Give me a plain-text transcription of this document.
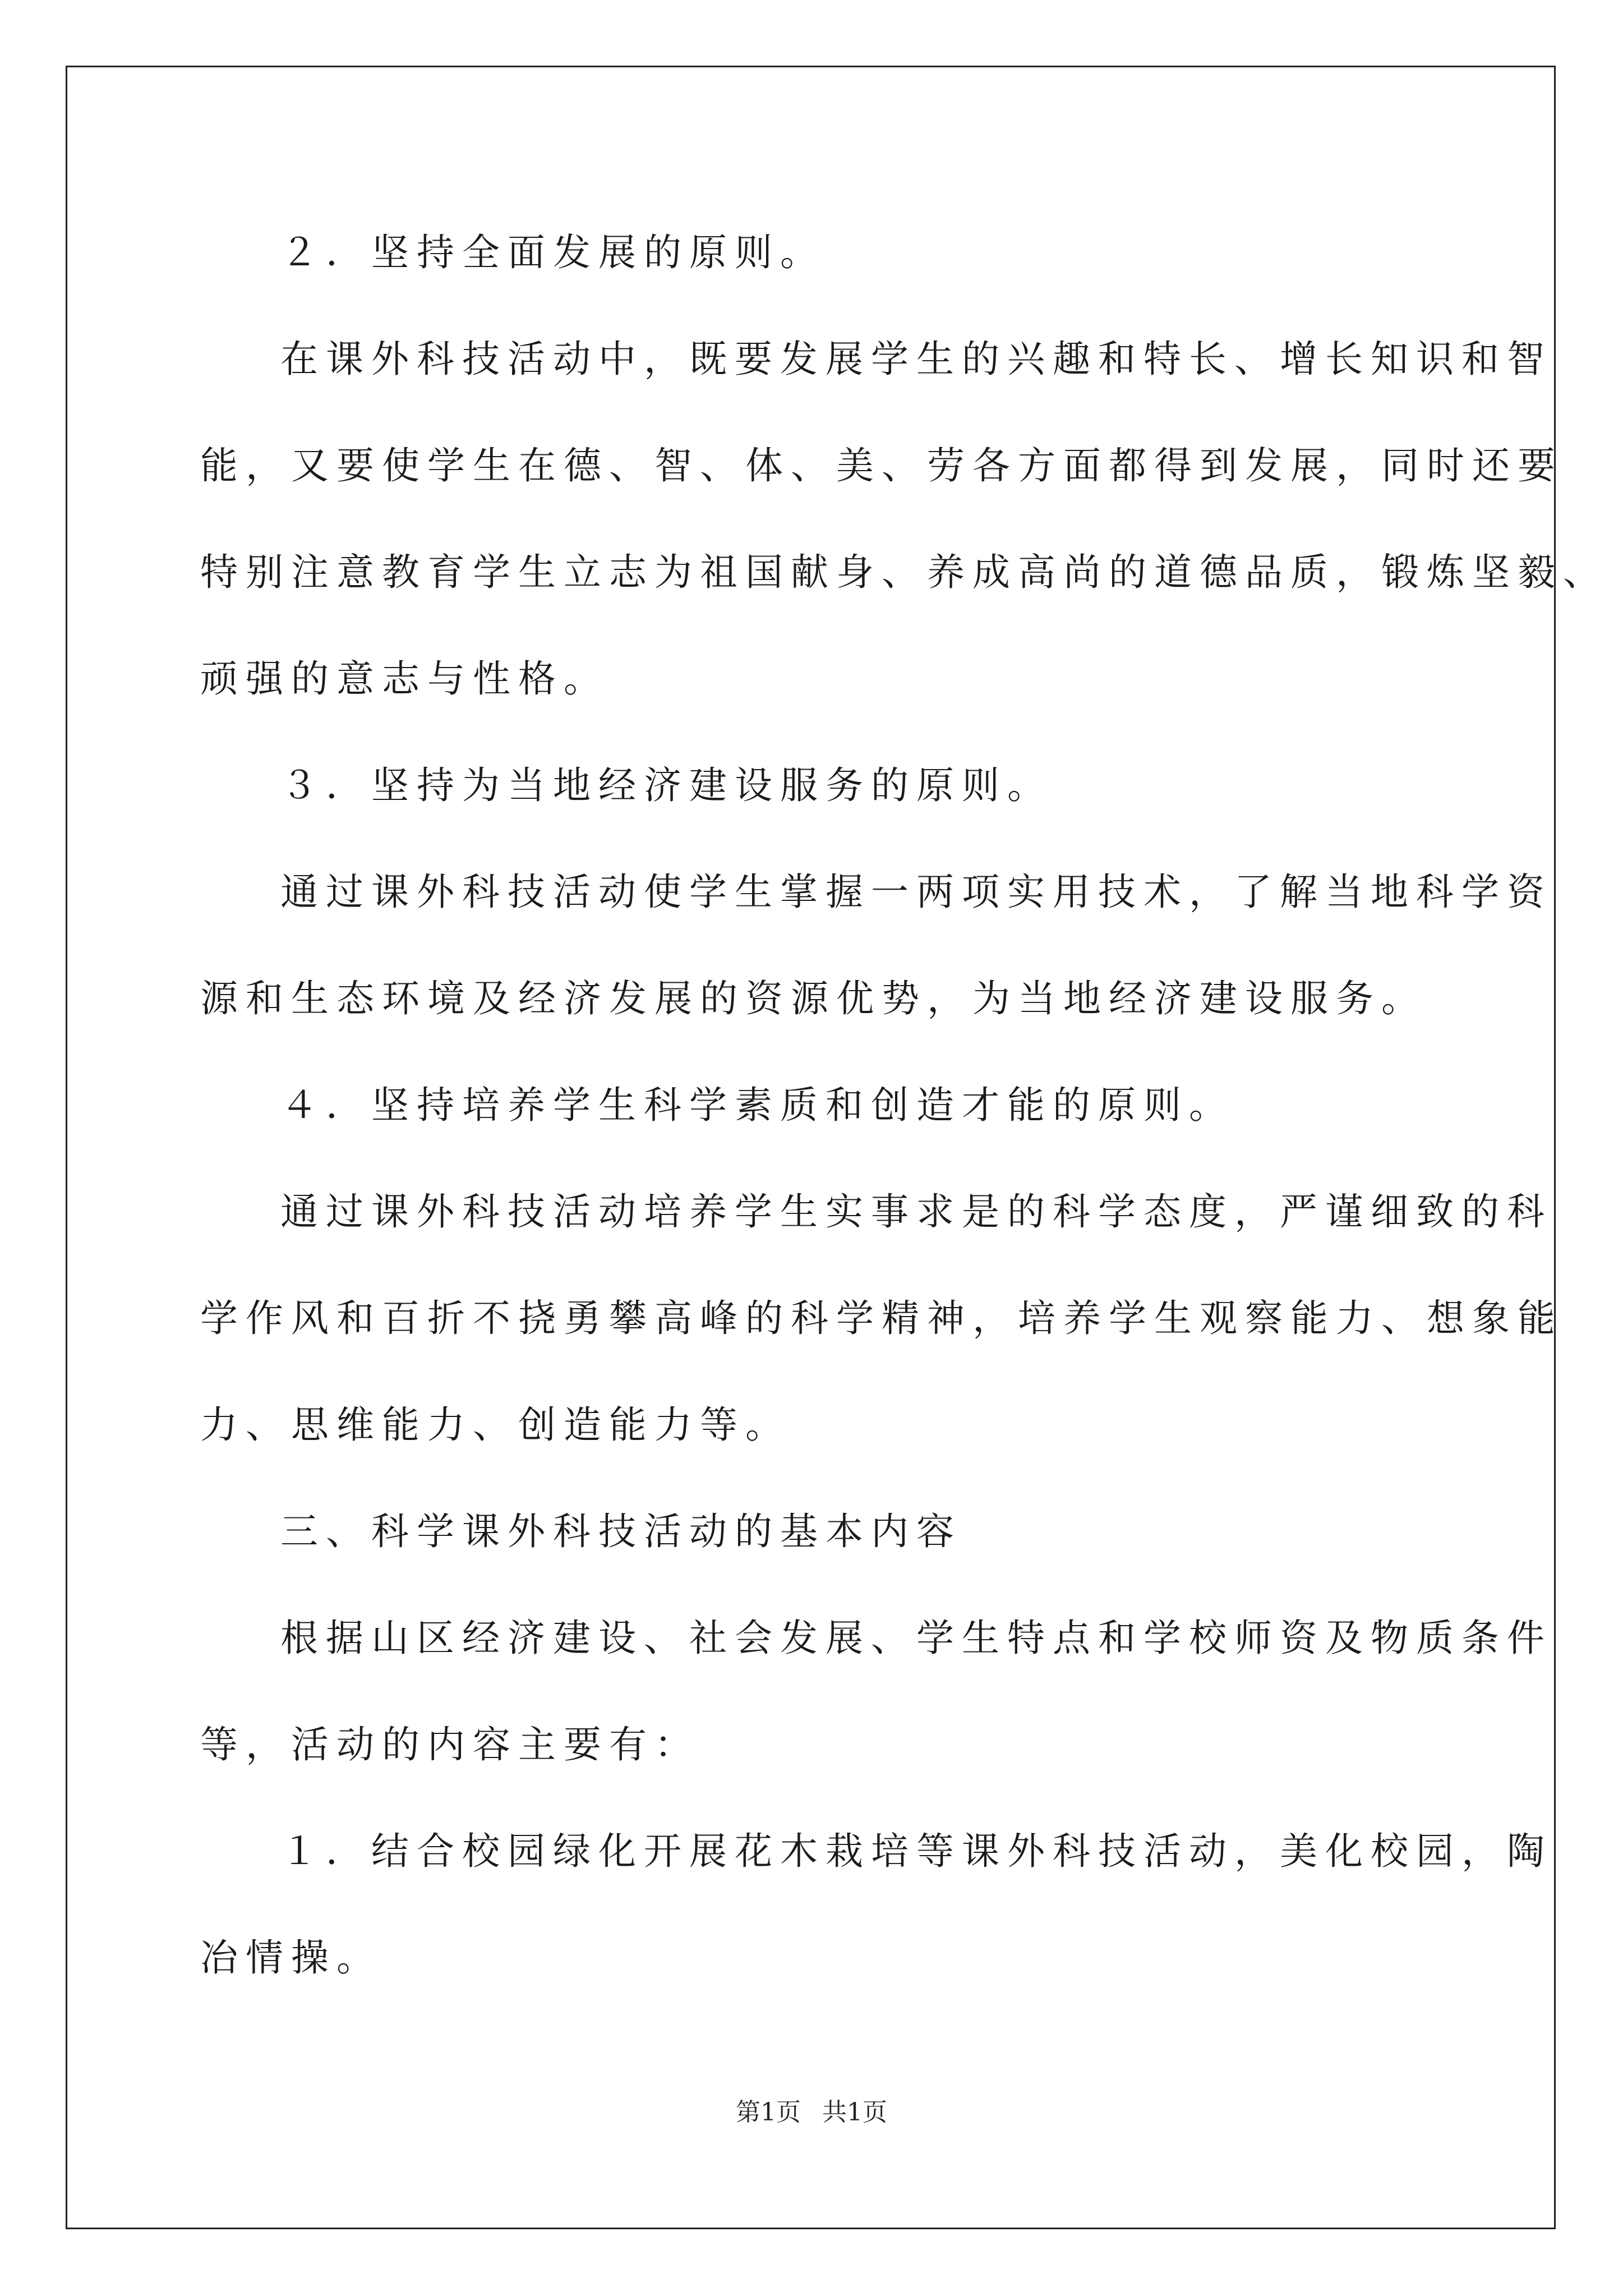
２．坚持全面发展的原则。

在课外科技活动中，既要发展学生的兴趣和特长、增长知识和智

能，又要使学生在德、智、体、美、劳各方面都得到发展，同时还要

特别注意教育学生立志为祖国献身、养成高尚的道德品质，锻炼坚毅、

顽强的意志与性格。

３．坚持为当地经济建设服务的原则。

通过课外科技活动使学生掌握一两项实用技术，了解当地科学资

源和生态环境及经济发展的资源优势，为当地经济建设服务。

４．坚持培养学生科学素质和创造才能的原则。

通过课外科技活动培养学生实事求是的科学态度，严谨细致的科

学作风和百折不挠勇攀高峰的科学精神，培养学生观察能力、想象能

力、思维能力、创造能力等。

三、科学课外科技活动的基本内容

根据山区经济建设、社会发展、学生特点和学校师资及物质条件

等，活动的内容主要有：

１．结合校园绿化开展花木栽培等课外科技活动，美化校园，陶

冶情操。

第1页 共1页
